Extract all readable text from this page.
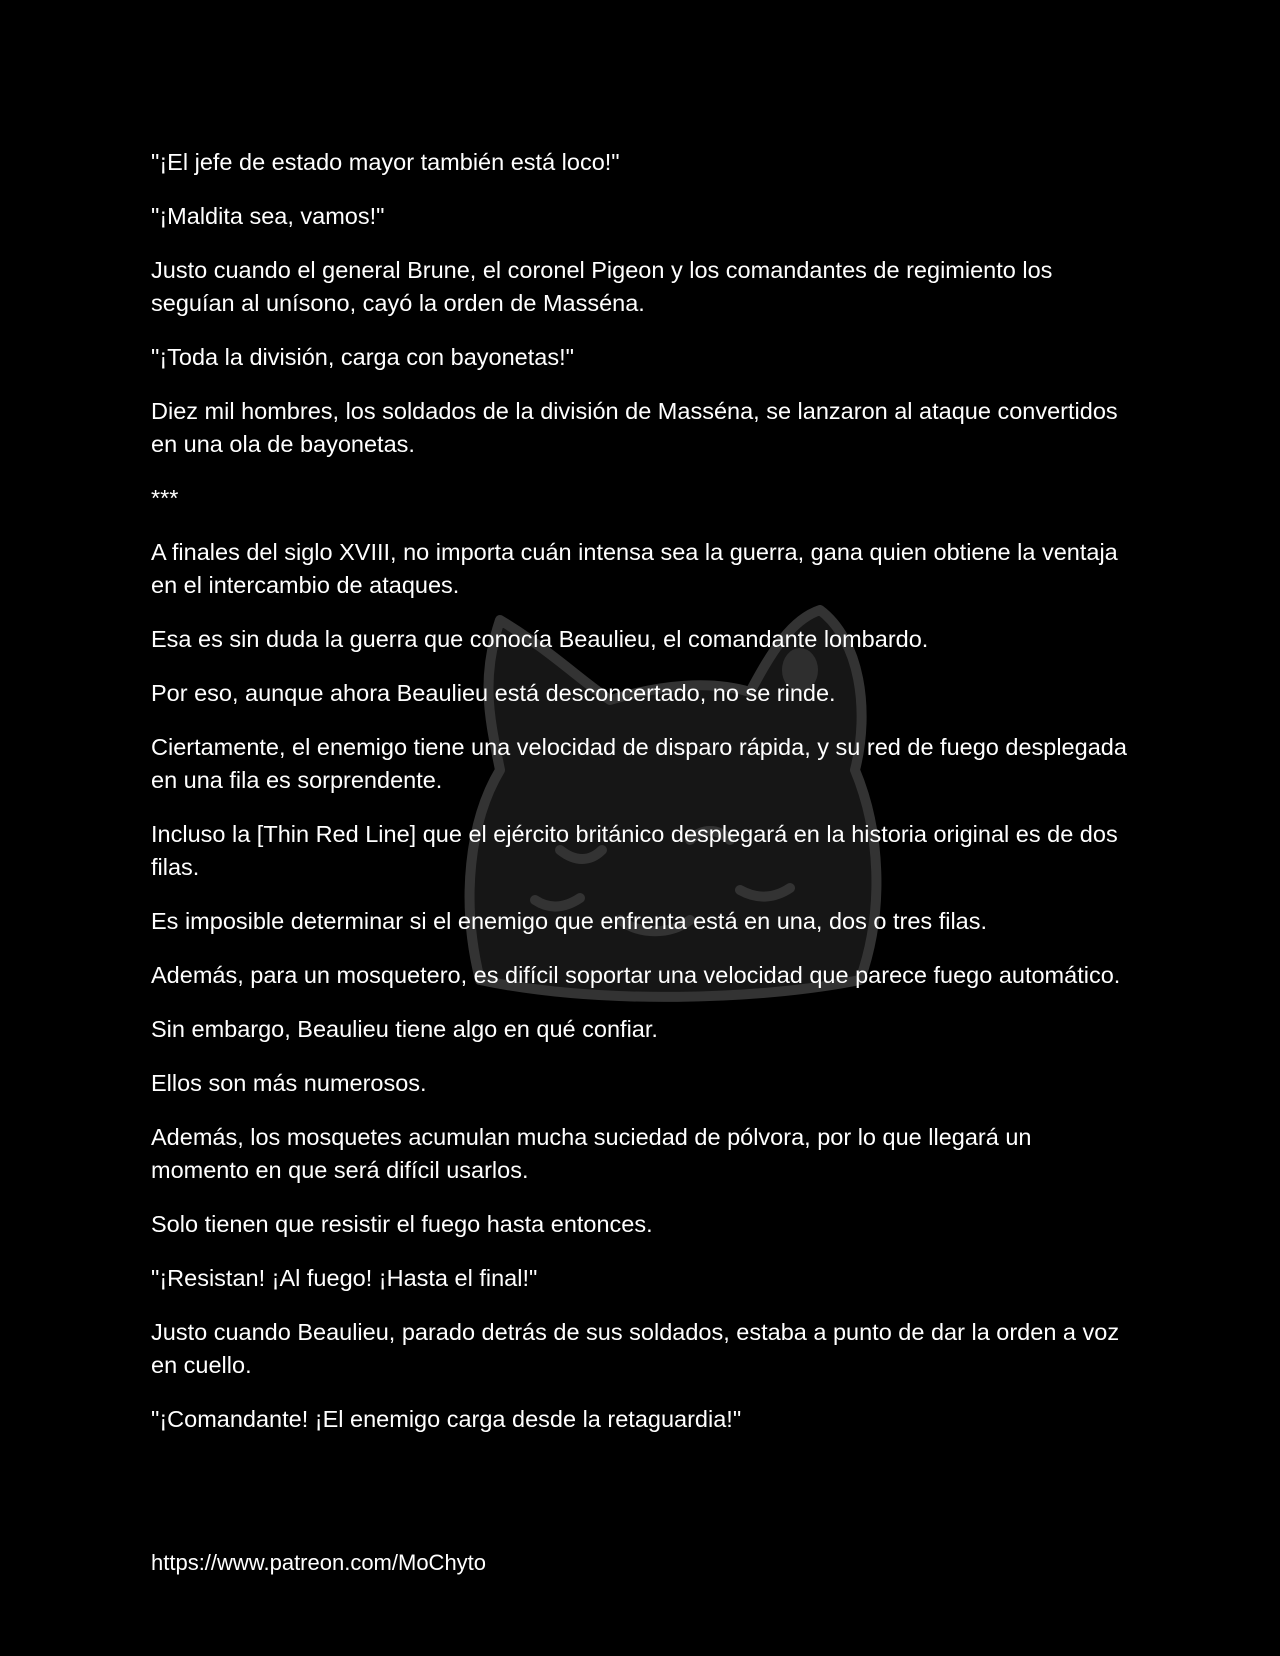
"¡El jefe de estado mayor también está loco!"

"¡Maldita sea, vamos!"

Justo cuando el general Brune, el coronel Pigeon y los comandantes de regimiento los seguían al unísono, cayó la orden de Masséna.

"¡Toda la división, carga con bayonetas!"

Diez mil hombres, los soldados de la división de Masséna, se lanzaron al ataque convertidos en una ola de bayonetas.

***

A finales del siglo XVIII, no importa cuán intensa sea la guerra, gana quien obtiene la ventaja en el intercambio de ataques.

Esa es sin duda la guerra que conocía Beaulieu, el comandante lombardo.

Por eso, aunque ahora Beaulieu está desconcertado, no se rinde.

Ciertamente, el enemigo tiene una velocidad de disparo rápida, y su red de fuego desplegada en una fila es sorprendente.

Incluso la [Thin Red Line] que el ejército británico desplegará en la historia original es de dos filas.

Es imposible determinar si el enemigo que enfrenta está en una, dos o tres filas.

Además, para un mosquetero, es difícil soportar una velocidad que parece fuego automático.

Sin embargo, Beaulieu tiene algo en qué confiar.

Ellos son más numerosos.

Además, los mosquetes acumulan mucha suciedad de pólvora, por lo que llegará un momento en que será difícil usarlos.

Solo tienen que resistir el fuego hasta entonces.

"¡Resistan! ¡Al fuego! ¡Hasta el final!"

Justo cuando Beaulieu, parado detrás de sus soldados, estaba a punto de dar la orden a voz en cuello.

"¡Comandante! ¡El enemigo carga desde la retaguardia!"

https://www.patreon.com/MoChyto
